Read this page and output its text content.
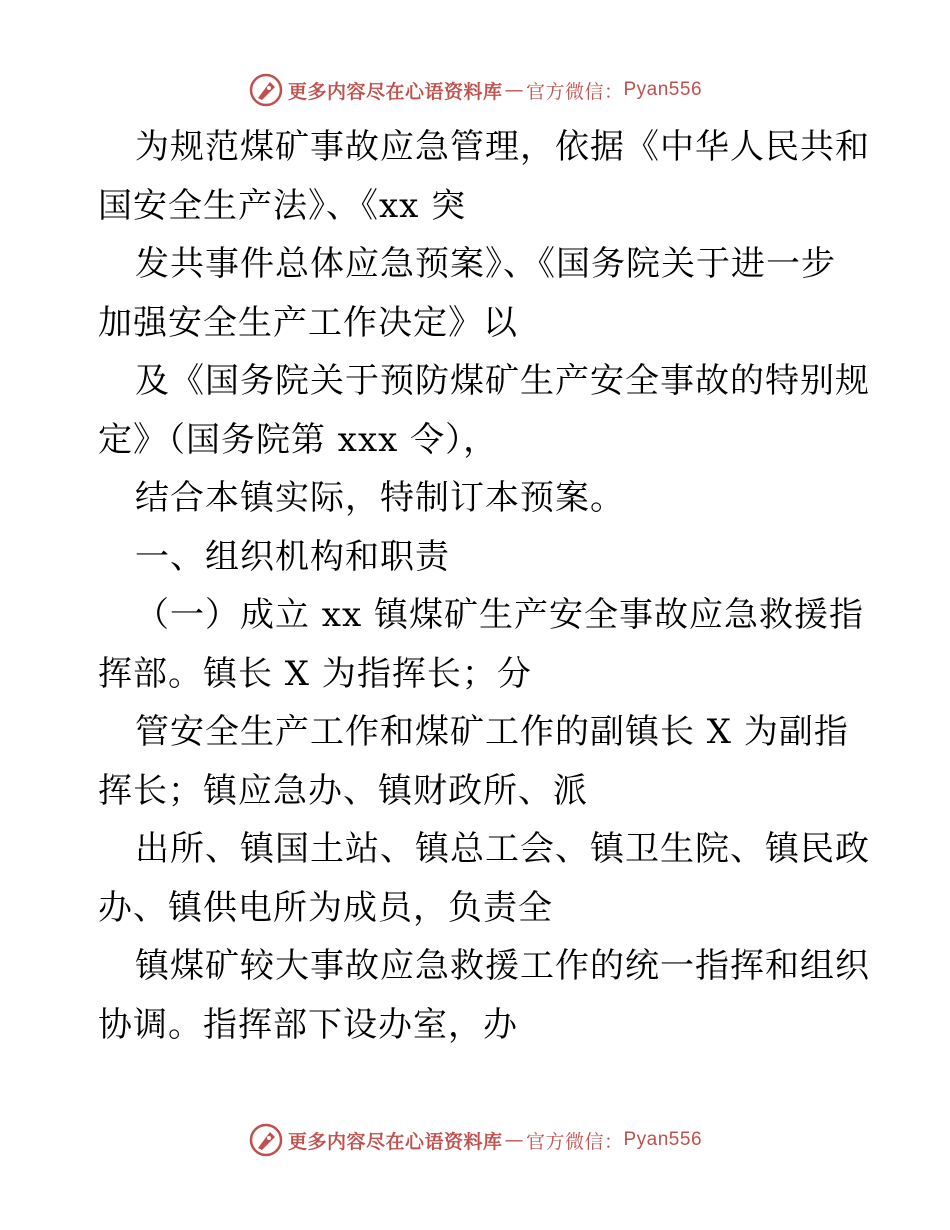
更多内容尽在心语资料库 — 官方微信： Pyan556
为规范煤矿事故应急管理，依据《中华人民共和
国安全生产法》、《xx 突
发共事件总体应急预案》、《国务院关于进一步
加强安全生产工作决定》以
及《国务院关于预防煤矿生产安全事故的特别规
定》（国务院第 xxx 令），
结合本镇实际，特制订本预案。
一、组织机构和职责
（一）成立 xx 镇煤矿生产安全事故应急救援指
挥部。镇长 X 为指挥长；分
管安全生产工作和煤矿工作的副镇长 X 为副指
挥长；镇应急办、镇财政所、派
出所、镇国土站、镇总工会、镇卫生院、镇民政
办、镇供电所为成员，负责全
镇煤矿较大事故应急救援工作的统一指挥和组织
协调。指挥部下设办室，办
更多内容尽在心语资料库 — 官方微信： Pyan556
